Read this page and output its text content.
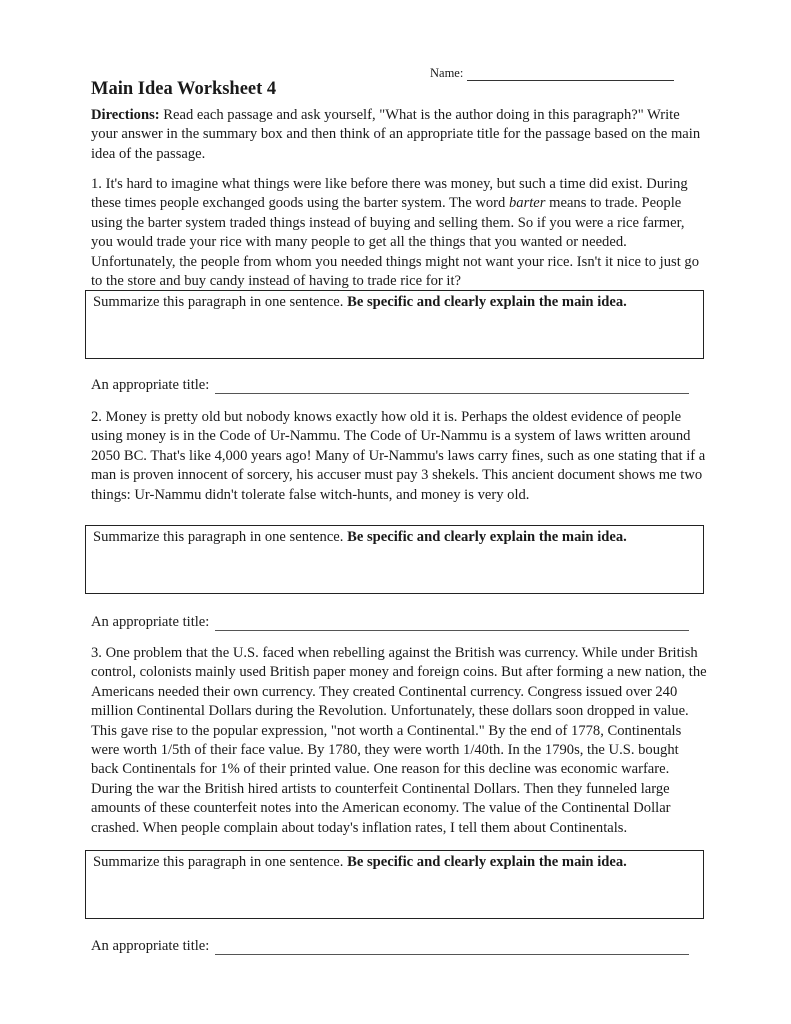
Name:
Main Idea Worksheet 4

Directions: Read each passage and ask yourself, "What is the author doing in this paragraph?" Write your answer in the summary box and then think of an appropriate title for the passage based on the main idea of the passage.

1. It's hard to imagine what things were like before there was money, but such a time did exist. During these times people exchanged goods using the barter system. The word barter means to trade. People using the barter system traded things instead of buying and selling them. So if you were a rice farmer, you would trade your rice with many people to get all the things that you wanted or needed. Unfortunately, the people from whom you needed things might not want your rice. Isn't it nice to just go to the store and buy candy instead of having to trade rice for it?

Summarize this paragraph in one sentence. Be specific and clearly explain the main idea.
An appropriate title:

2. Money is pretty old but nobody knows exactly how old it is. Perhaps the oldest evidence of people using money is in the Code of Ur-Nammu. The Code of Ur-Nammu is a system of laws written around 2050 BC. That's like 4,000 years ago! Many of Ur-Nammu's laws carry fines, such as one stating that if a man is proven innocent of sorcery, his accuser must pay 3 shekels. This ancient document shows me two things: Ur-Nammu didn't tolerate false witch-hunts, and money is very old.

Summarize this paragraph in one sentence. Be specific and clearly explain the main idea.
An appropriate title:

3. One problem that the U.S. faced when rebelling against the British was currency. While under British control, colonists mainly used British paper money and foreign coins. But after forming a new nation, the Americans needed their own currency. They created Continental currency. Congress issued over 240 million Continental Dollars during the Revolution. Unfortunately, these dollars soon dropped in value. This gave rise to the popular expression, "not worth a Continental." By the end of 1778, Continentals were worth 1/5th of their face value. By 1780, they were worth 1/40th. In the 1790s, the U.S. bought back Continentals for 1% of their printed value. One reason for this decline was economic warfare. During the war the British hired artists to counterfeit Continental Dollars. Then they funneled large amounts of these counterfeit notes into the American economy. The value of the Continental Dollar crashed. When people complain about today's inflation rates, I tell them about Continentals.

Summarize this paragraph in one sentence. Be specific and clearly explain the main idea.
An appropriate title:
